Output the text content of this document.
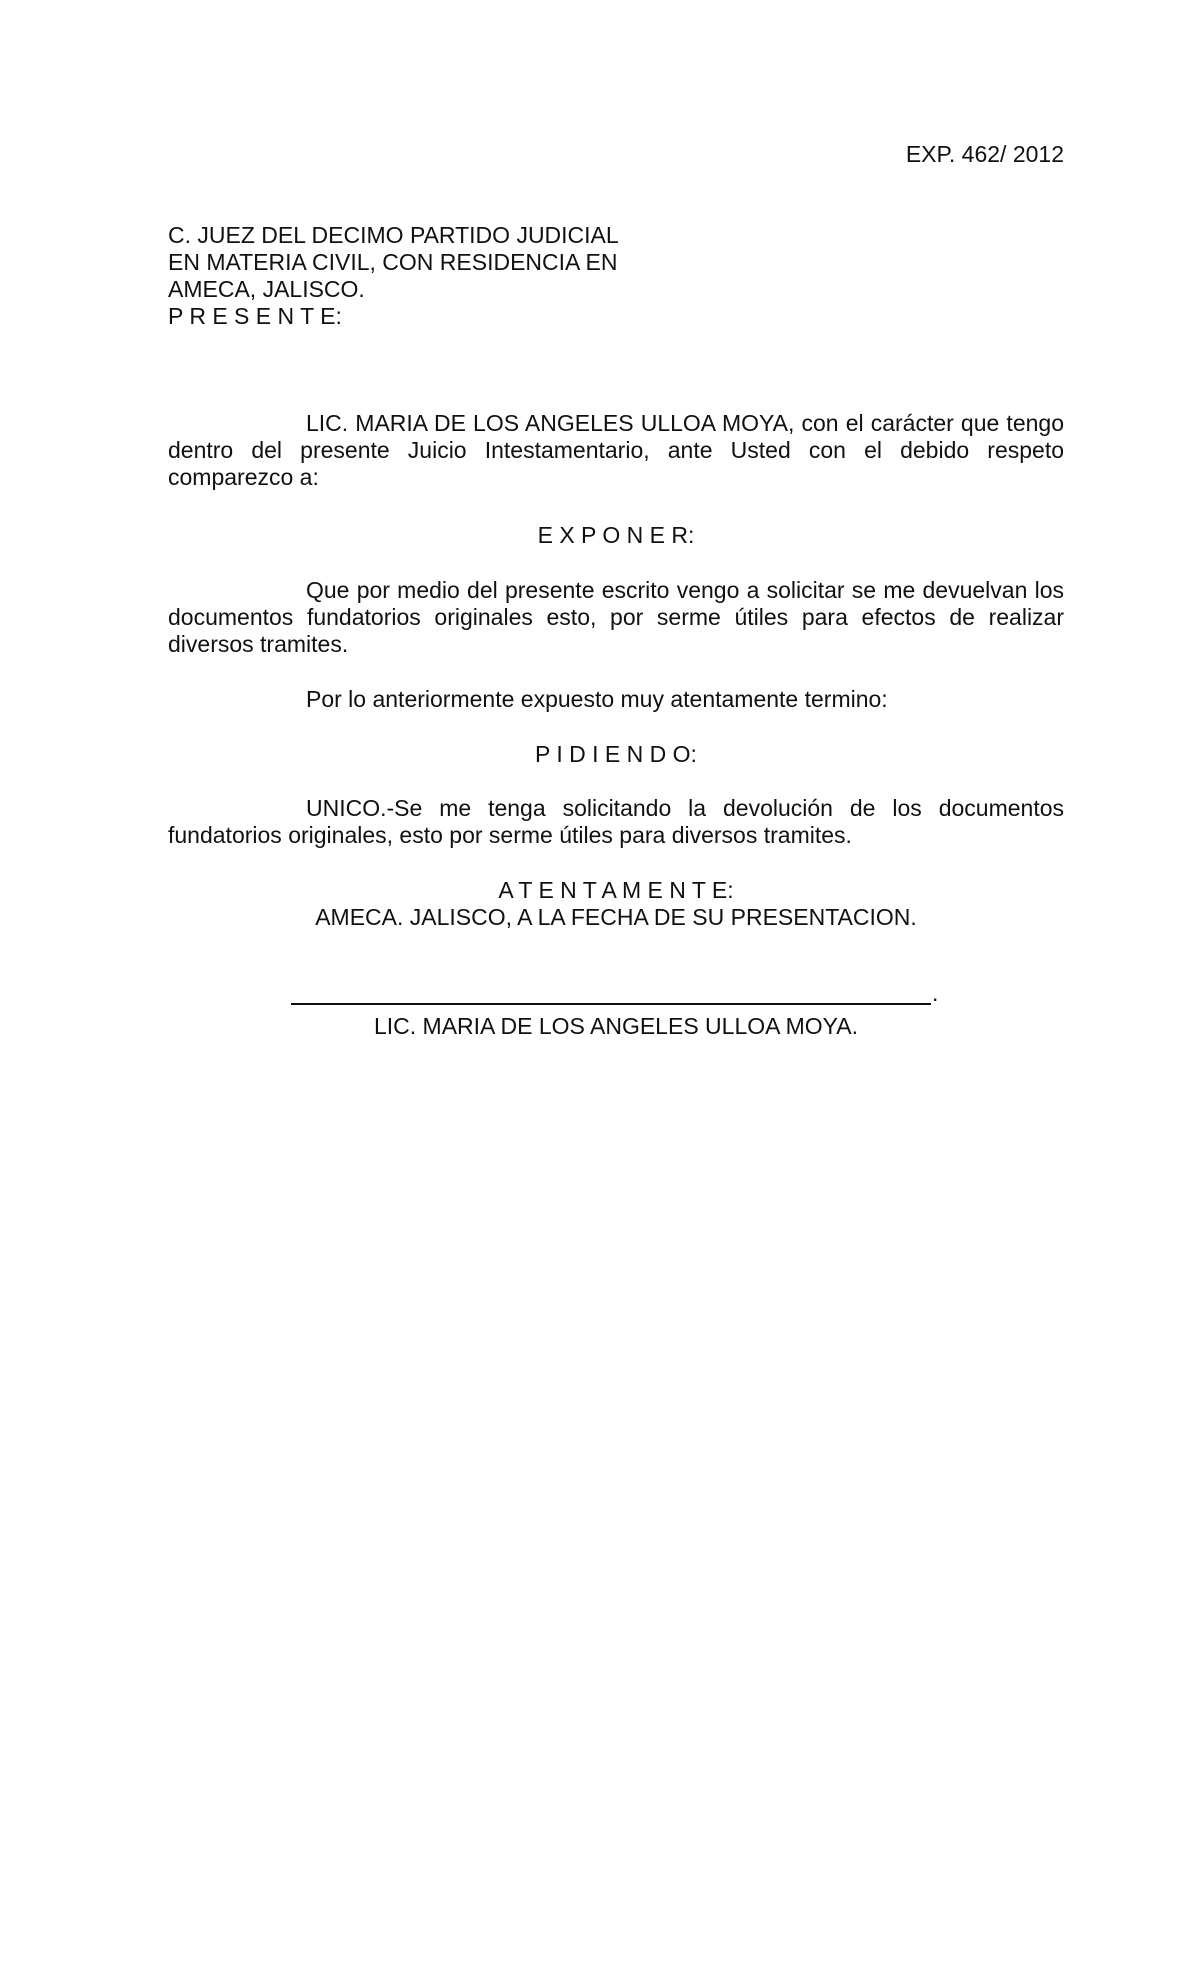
EXP. 462/ 2012
C. JUEZ DEL DECIMO PARTIDO JUDICIAL
EN MATERIA CIVIL, CON RESIDENCIA EN
AMECA, JALISCO.
P R E S E N T E:
LIC. MARIA DE LOS ANGELES ULLOA MOYA, con el carácter que tengo dentro del presente Juicio Intestamentario, ante Usted con el debido respeto comparezco a:
E X P O N E R:
Que por medio del presente escrito vengo a solicitar se me devuelvan los documentos fundatorios originales esto, por serme útiles para efectos de realizar diversos tramites.
Por lo anteriormente expuesto muy atentamente termino:
P I D I E N D O:
UNICO.-Se me tenga solicitando la devolución de los documentos fundatorios originales, esto por serme útiles para diversos tramites.
A T E N T A M E N T E:
AMECA. JALISCO, A LA FECHA DE SU PRESENTACION.
.
LIC. MARIA DE LOS ANGELES ULLOA MOYA.
